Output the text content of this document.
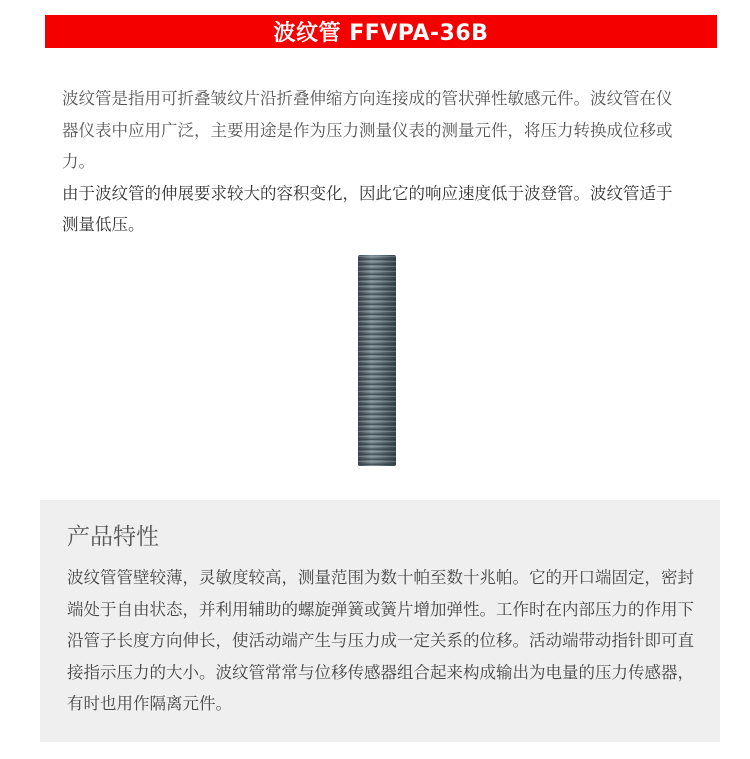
波纹管 FFVPA-36B

波纹管是指用可折叠皱纹片沿折叠伸缩方向连接成的管状弹性敏感元件。波纹管在仪器仪表中应用广泛，主要用途是作为压力测量仪表的测量元件，将压力转换成位移或力。

由于波纹管的伸展要求较大的容积变化，因此它的响应速度低于波登管。波纹管适于测量低压。

产品特性

波纹管管壁较薄，灵敏度较高，测量范围为数十帕至数十兆帕。它的开口端固定，密封端处于自由状态，并利用辅助的螺旋弹簧或簧片增加弹性。工作时在内部压力的作用下沿管子长度方向伸长，使活动端产生与压力成一定关系的位移。活动端带动指针即可直接指示压力的大小。波纹管常常与位移传感器组合起来构成输出为电量的压力传感器，有时也用作隔离元件。
